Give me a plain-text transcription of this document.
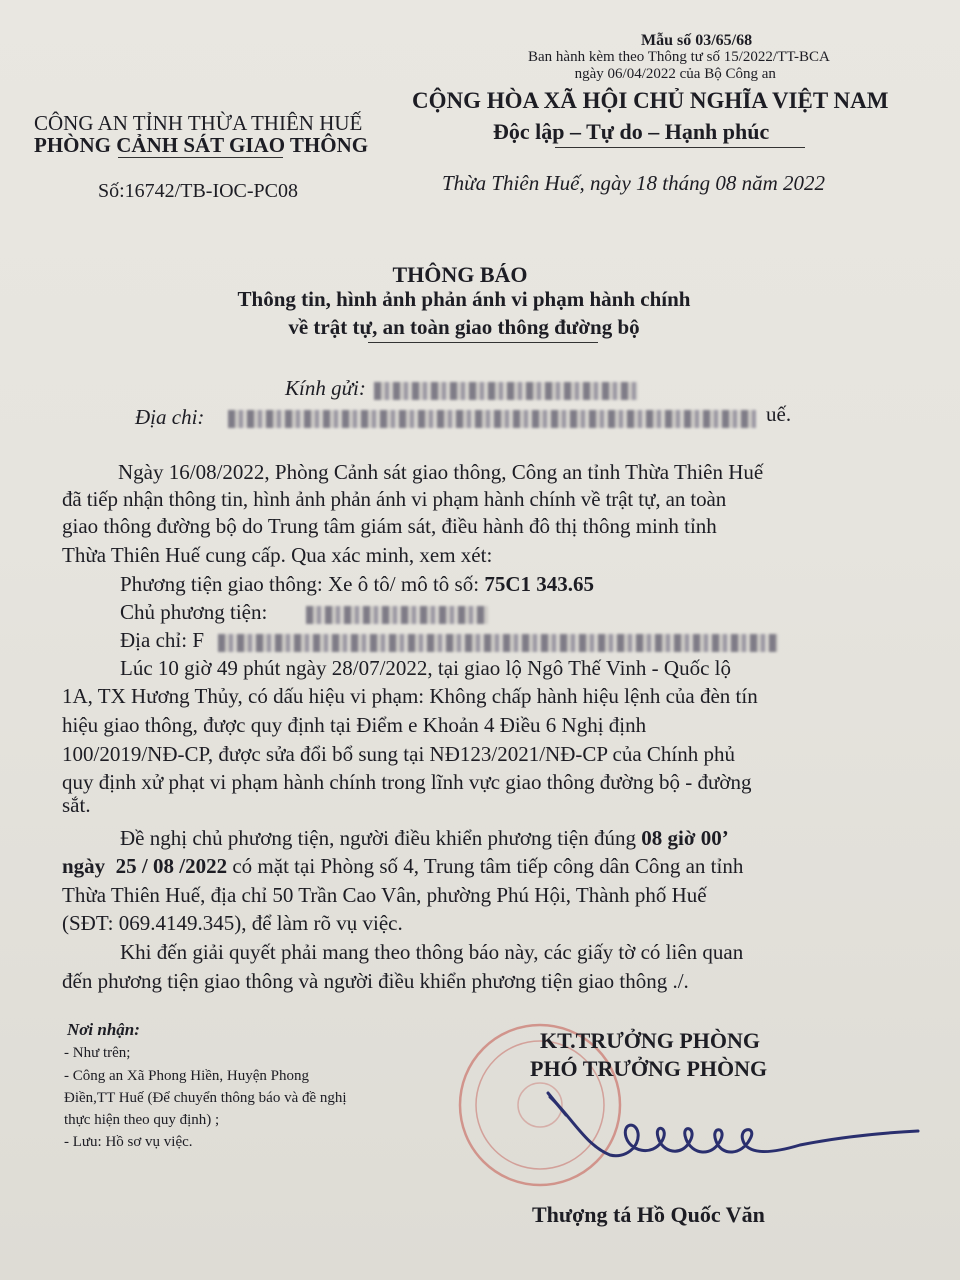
Mẫu số 03/65/68
Ban hành kèm theo Thông tư số 15/2022/TT-BCA
ngày 06/04/2022 của Bộ Công an
CÔNG AN TỈNH THỪA THIÊN HUẾ
PHÒNG CẢNH SÁT GIAO THÔNG
CỘNG HÒA XÃ HỘI CHỦ NGHĨA VIỆT NAM
Độc lập – Tự do – Hạnh phúc
Số:16742/TB-IOC-PC08	Thừa Thiên Huế, ngày 18 tháng 08 năm 2022
THÔNG BÁO
Thông tin, hình ảnh phản ánh vi phạm hành chính
về trật tự, an toàn giao thông đường bộ
Kính gửi:
Địa chi:	uế.
Ngày 16/08/2022, Phòng Cảnh sát giao thông, Công an tỉnh Thừa Thiên Huế
đã tiếp nhận thông tin, hình ảnh phản ánh vi phạm hành chính về trật tự, an toàn
giao thông đường bộ do Trung tâm giám sát, điều hành đô thị thông minh tỉnh
Thừa Thiên Huế cung cấp. Qua xác minh, xem xét:
Phương tiện giao thông: Xe ô tô/ mô tô số: 75C1 343.65
Chủ phương tiện:
Địa chỉ: F
Lúc 10 giờ 49 phút ngày 28/07/2022, tại giao lộ Ngô Thế Vinh - Quốc lộ
1A, TX Hương Thủy, có dấu hiệu vi phạm: Không chấp hành hiệu lệnh của đèn tín
hiệu giao thông, được quy định tại Điểm e Khoản 4 Điều 6 Nghị định
100/2019/NĐ-CP, được sửa đổi bổ sung tại NĐ123/2021/NĐ-CP của Chính phủ
quy định xử phạt vi phạm hành chính trong lĩnh vực giao thông đường bộ - đường
sắt.
Đề nghị chủ phương tiện, người điều khiển phương tiện đúng 08 giờ 00’
ngày  25 / 08 /2022 có mặt tại Phòng số 4, Trung tâm tiếp công dân Công an tỉnh
Thừa Thiên Huế, địa chỉ 50 Trần Cao Vân, phường Phú Hội, Thành phố Huế
(SĐT: 069.4149.345), để làm rõ vụ việc.
Khi đến giải quyết phải mang theo thông báo này, các giấy tờ có liên quan
đến phương tiện giao thông và người điều khiển phương tiện giao thông ./.
Nơi nhận:
- Như trên;
- Công an Xã Phong Hiền, Huyện Phong
Điền,TT Huế (Để chuyển thông báo và đề nghị
thực hiện theo quy định) ;
- Lưu: Hồ sơ vụ việc.
KT.TRƯỞNG PHÒNG
PHÓ TRƯỞNG PHÒNG
Thượng tá Hồ Quốc Văn
